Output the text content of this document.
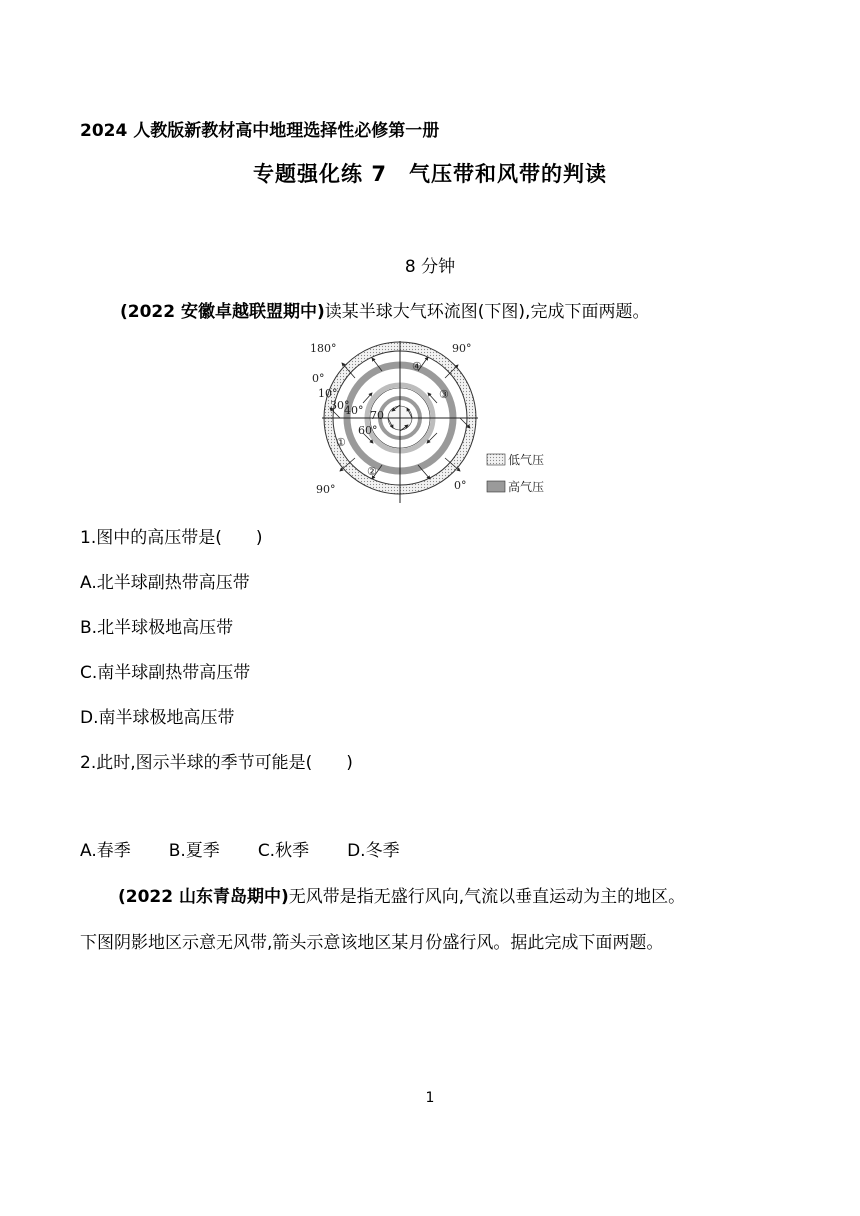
2024 人教版新教材高中地理选择性必修第一册
专题强化练 7　气压带和风带的判读
8 分钟
(2022 安徽卓越联盟期中)读某半球大气环流图(下图),完成下面两题。
180°
0°
10°
30°
40° 70
60°
90°
90°
0°
①
②
③
④
低气压
高气压
1.图中的高压带是(　　)
A.北半球副热带高压带
B.北半球极地高压带
C.南半球副热带高压带
D.南半球极地高压带
2.此时,图示半球的季节可能是(　　)
A.春季 B.夏季 C.秋季 D.冬季
(2022 山东青岛期中)无风带是指无盛行风向,气流以垂直运动为主的地区。
下图阴影地区示意无风带,箭头示意该地区某月份盛行风。据此完成下面两题。
1
